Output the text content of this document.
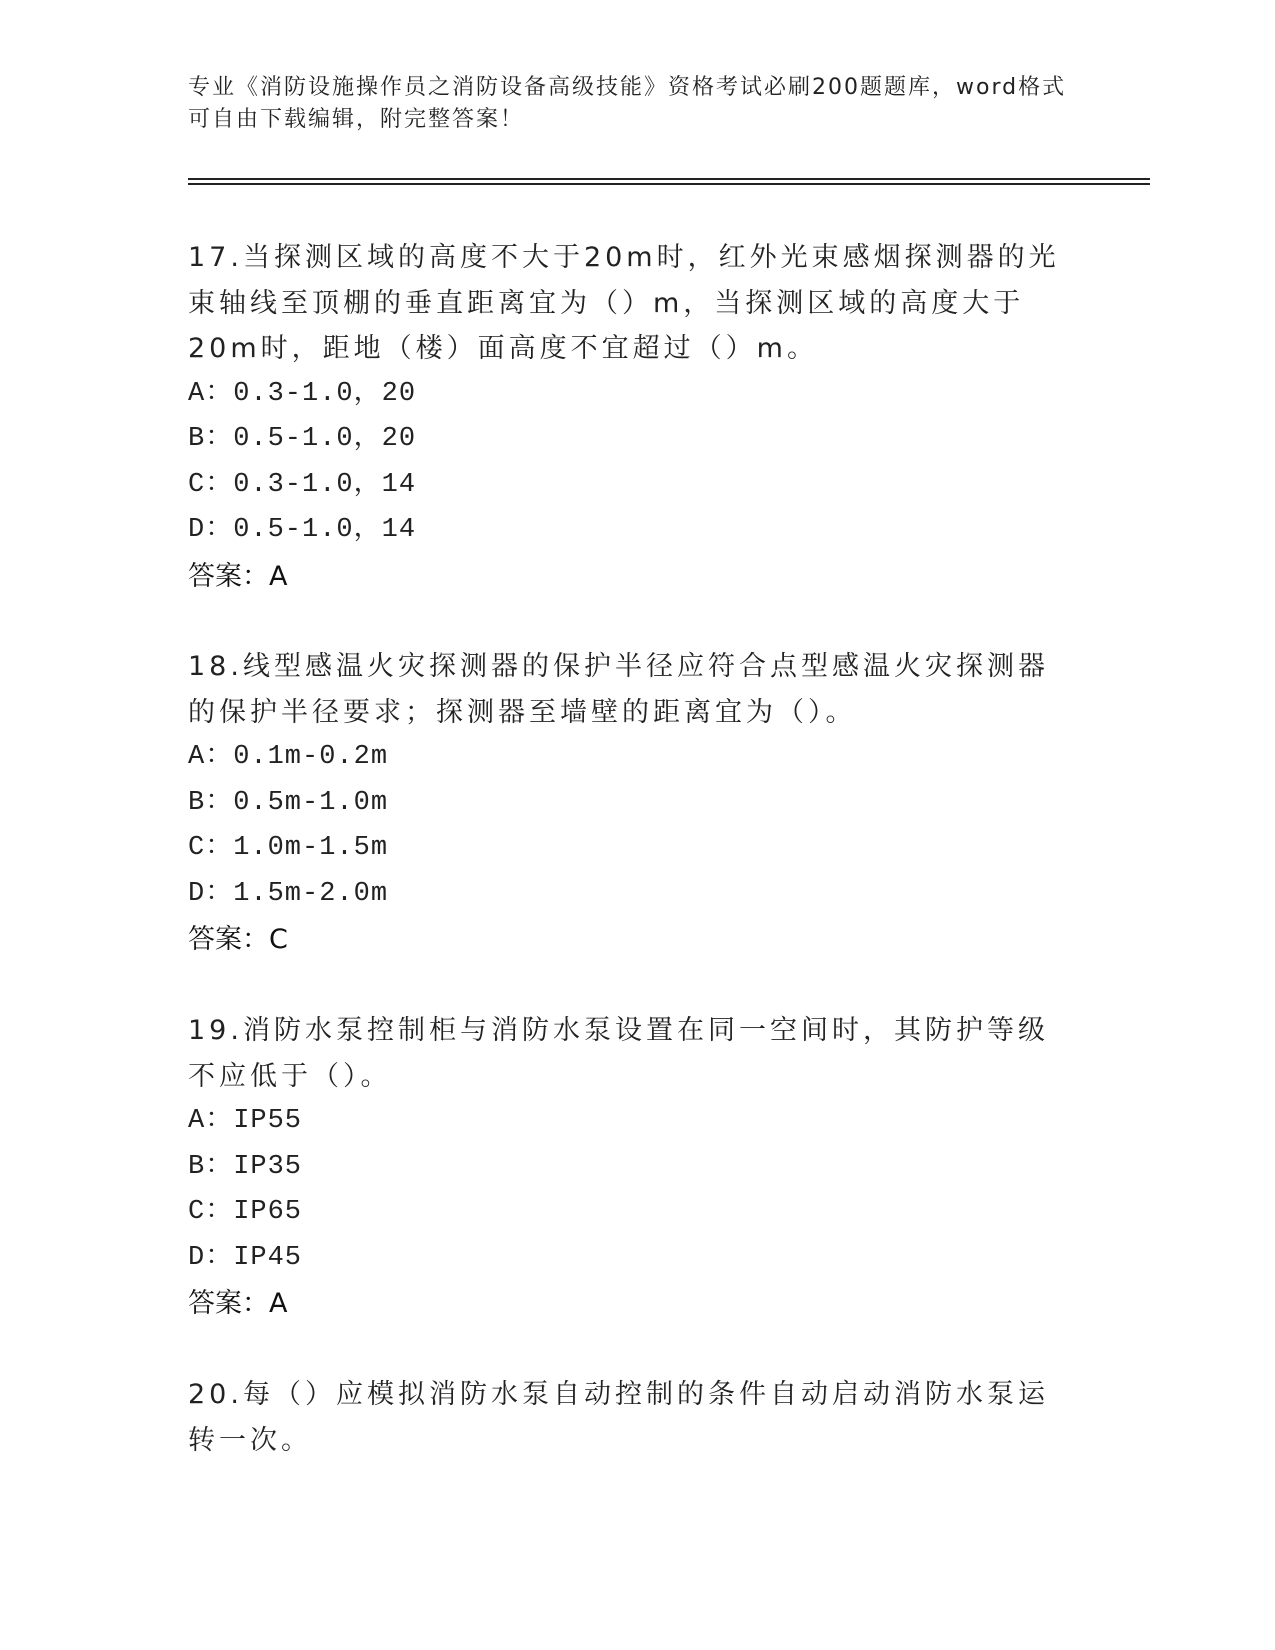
专业《消防设施操作员之消防设备高级技能》资格考试必刷200题题库，word格式可自由下载编辑，附完整答案！

17.当探测区域的高度不大于20m时，红外光束感烟探测器的光束轴线至顶棚的垂直距离宜为（）m，当探测区域的高度大于20m时，距地（楼）面高度不宜超过（）m。

A：0.3-1.0，20
B：0.5-1.0，20
C：0.3-1.0，14
D：0.5-1.0，14
答案：A

18.线型感温火灾探测器的保护半径应符合点型感温火灾探测器的保护半径要求；探测器至墙壁的距离宜为（）。

A：0.1m-0.2m
B：0.5m-1.0m
C：1.0m-1.5m
D：1.5m-2.0m
答案：C

19.消防水泵控制柜与消防水泵设置在同一空间时，其防护等级不应低于（）。

A：IP55
B：IP35
C：IP65
D：IP45
答案：A

20.每（）应模拟消防水泵自动控制的条件自动启动消防水泵运转一次。
